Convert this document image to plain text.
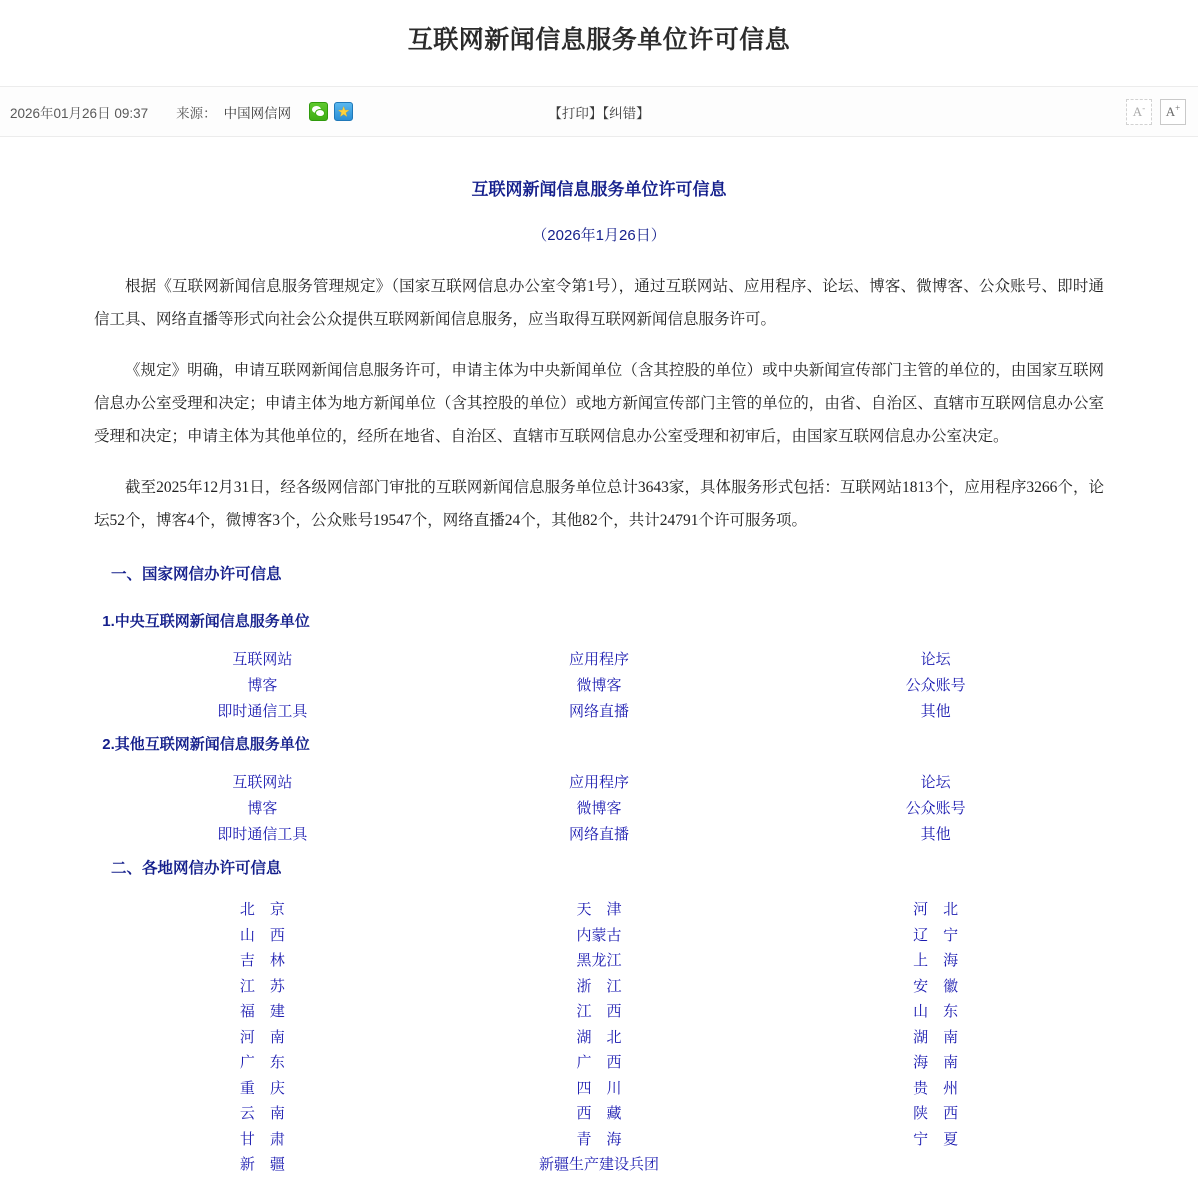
互联网新闻信息服务单位许可信息
2026年01月26日 09:37 来源： 中国网信网 ★	【打印】【纠错】	A- A+
互联网新闻信息服务单位许可信息
（2026年1月26日）

根据《互联网新闻信息服务管理规定》（国家互联网信息办公室令第1号），通过互联网站、应用程序、论坛、博客、微博客、公众账号、即时通信工具、网络直播等形式向社会公众提供互联网新闻信息服务，应当取得互联网新闻信息服务许可。

《规定》明确，申请互联网新闻信息服务许可，申请主体为中央新闻单位（含其控股的单位）或中央新闻宣传部门主管的单位的，由国家互联网信息办公室受理和决定；申请主体为地方新闻单位（含其控股的单位）或地方新闻宣传部门主管的单位的，由省、自治区、直辖市互联网信息办公室受理和决定；申请主体为其他单位的，经所在地省、自治区、直辖市互联网信息办公室受理和初审后，由国家互联网信息办公室决定。

截至2025年12月31日，经各级网信部门审批的互联网新闻信息服务单位总计3643家，具体服务形式包括：互联网站1813个，应用程序3266个，论坛52个，博客4个，微博客3个，公众账号19547个，网络直播24个，其他82个，共计24791个许可服务项。

一、国家网信办许可信息
1.中央互联网新闻信息服务单位
互联网站	应用程序	论坛
博客	微博客	公众账号
即时通信工具	网络直播	其他
2.其他互联网新闻信息服务单位
互联网站	应用程序	论坛
博客	微博客	公众账号
即时通信工具	网络直播	其他
二、各地网信办许可信息
北　京	天　津	河　北
山　西	内蒙古	辽　宁
吉　林	黑龙江	上　海
江　苏	浙　江	安　徽
福　建	江　西	山　东
河　南	湖　北	湖　南
广　东	广　西	海　南
重　庆	四　川	贵　州
云　南	西　藏	陕　西
甘　肃	青　海	宁　夏
新　疆	新疆生产建设兵团
